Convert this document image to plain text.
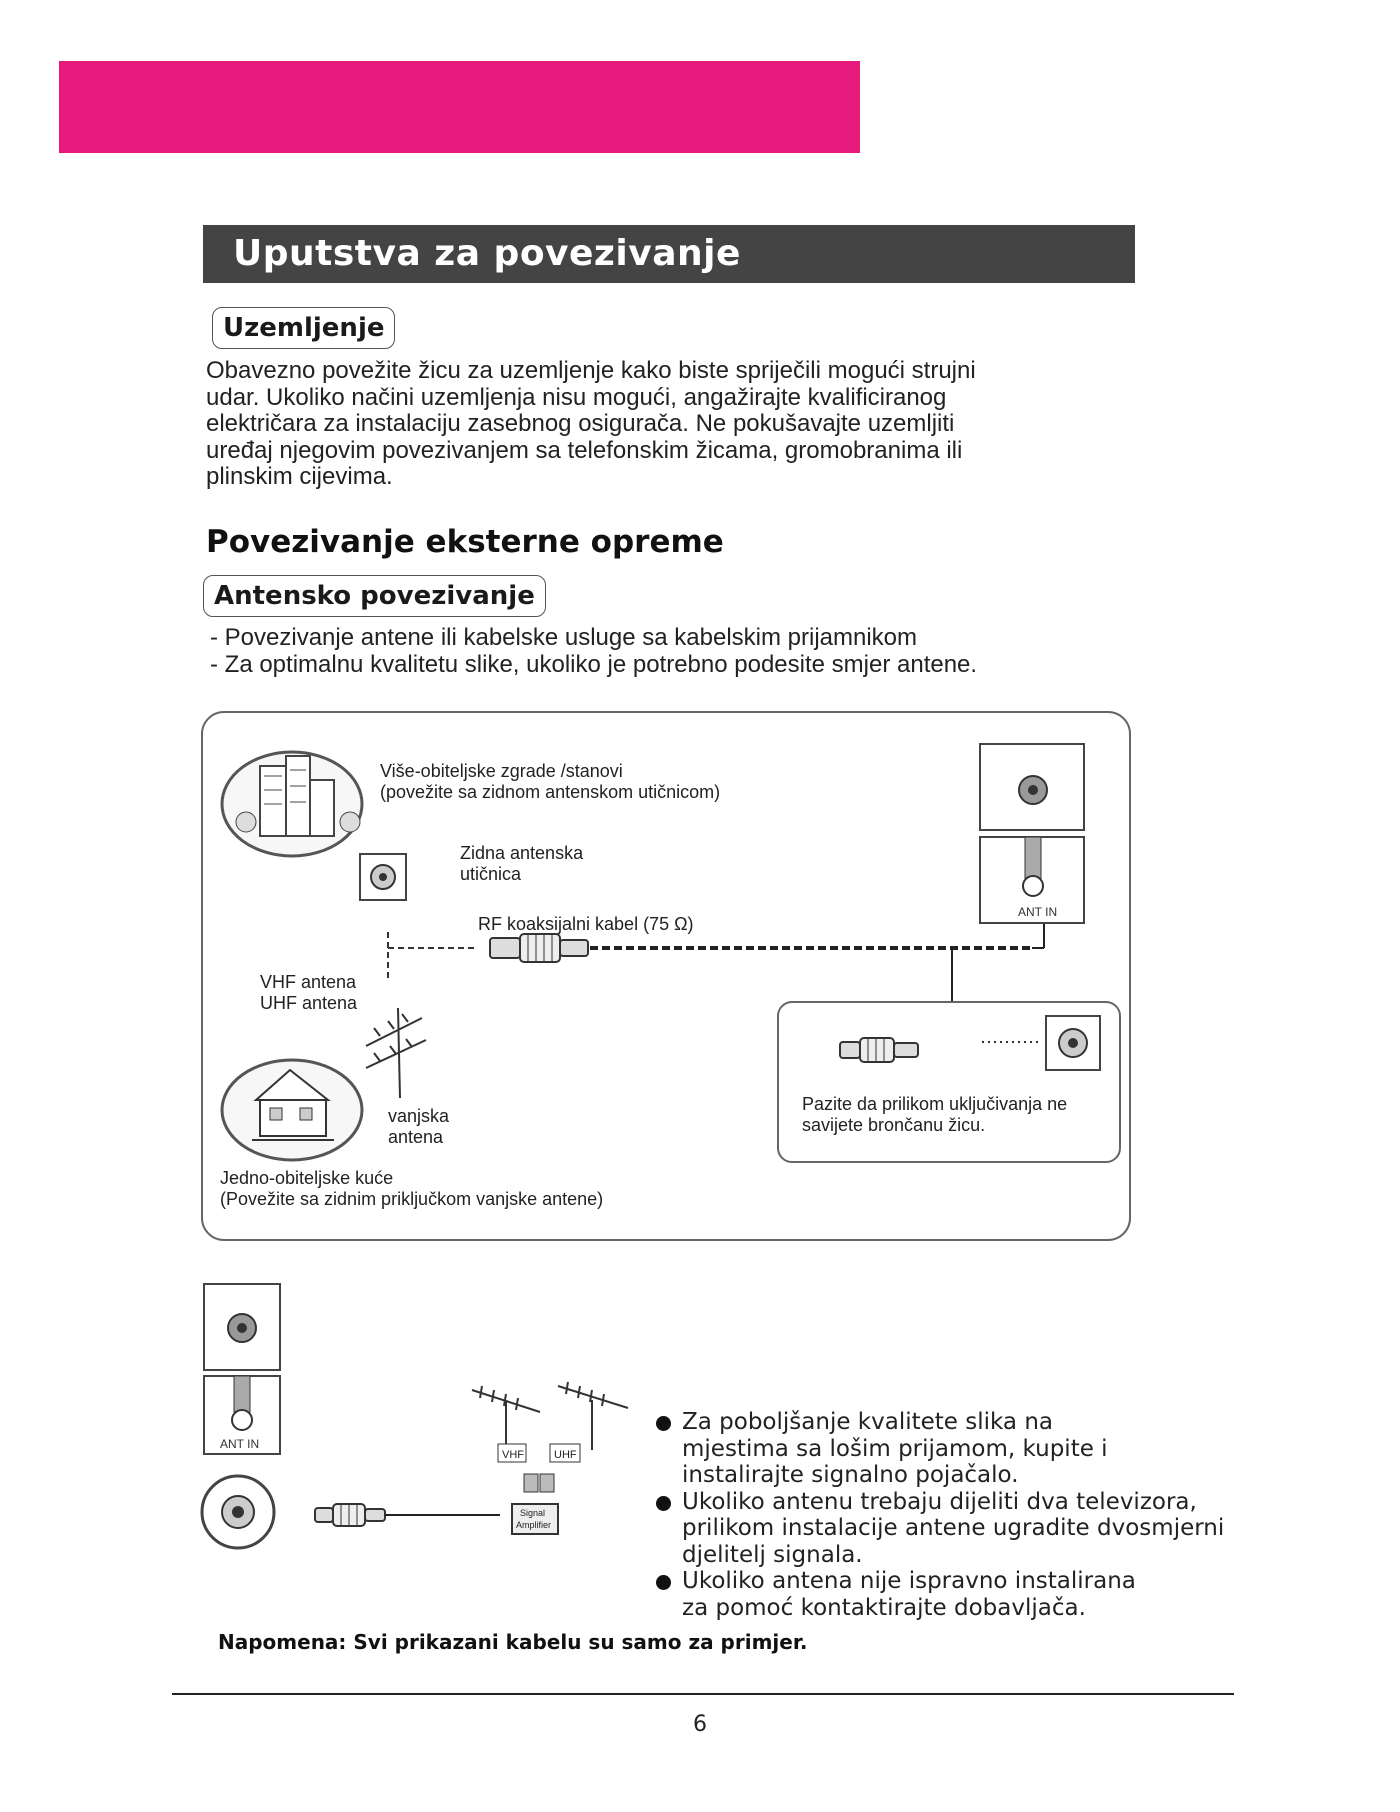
Uputstva za povezivanje
Uzemljenje
Obavezno povežite žicu za uzemljenje kako biste spriječili mogući strujni
udar. Ukoliko načini uzemljenja nisu mogući, angažirajte kvalificiranog
električara za instalaciju zasebnog osigurača. Ne pokušavajte uzemljiti
uređaj njegovim povezivanjem sa telefonskim žicama, gromobranima ili
plinskim cijevima.
Povezivanje eksterne opreme
Antensko povezivanje
- Povezivanje antene ili kabelske usluge sa kabelskim prijamnikom
- Za optimalnu kvalitetu slike, ukoliko je potrebno podesite smjer antene.
Više-obiteljske zgrade /stanovi
(povežite sa zidnom antenskom utičnicom)
Zidna antenska
utičnica
RF koaksijalni kabel (75 Ω)
ANT IN
VHF antena
UHF antena
vanjska
antena
Jedno-obiteljske kuće
(Povežite sa zidnim priključkom vanjske antene)
Pazite da prilikom uključivanja ne
savijete brončanu žicu.
ANT IN
VHF	UHF
Signal
Amplifier
Za poboljšanje kvalitete slika na
mjestima sa lošim prijamom, kupite i
instalirajte signalno pojačalo.
Ukoliko antenu trebaju dijeliti dva televizora,
prilikom instalacije antene ugradite dvosmjerni
djelitelj signala.
Ukoliko antena nije ispravno instalirana
za pomoć kontaktirajte dobavljača.
Napomena: Svi prikazani kabelu su samo za primjer.
6
